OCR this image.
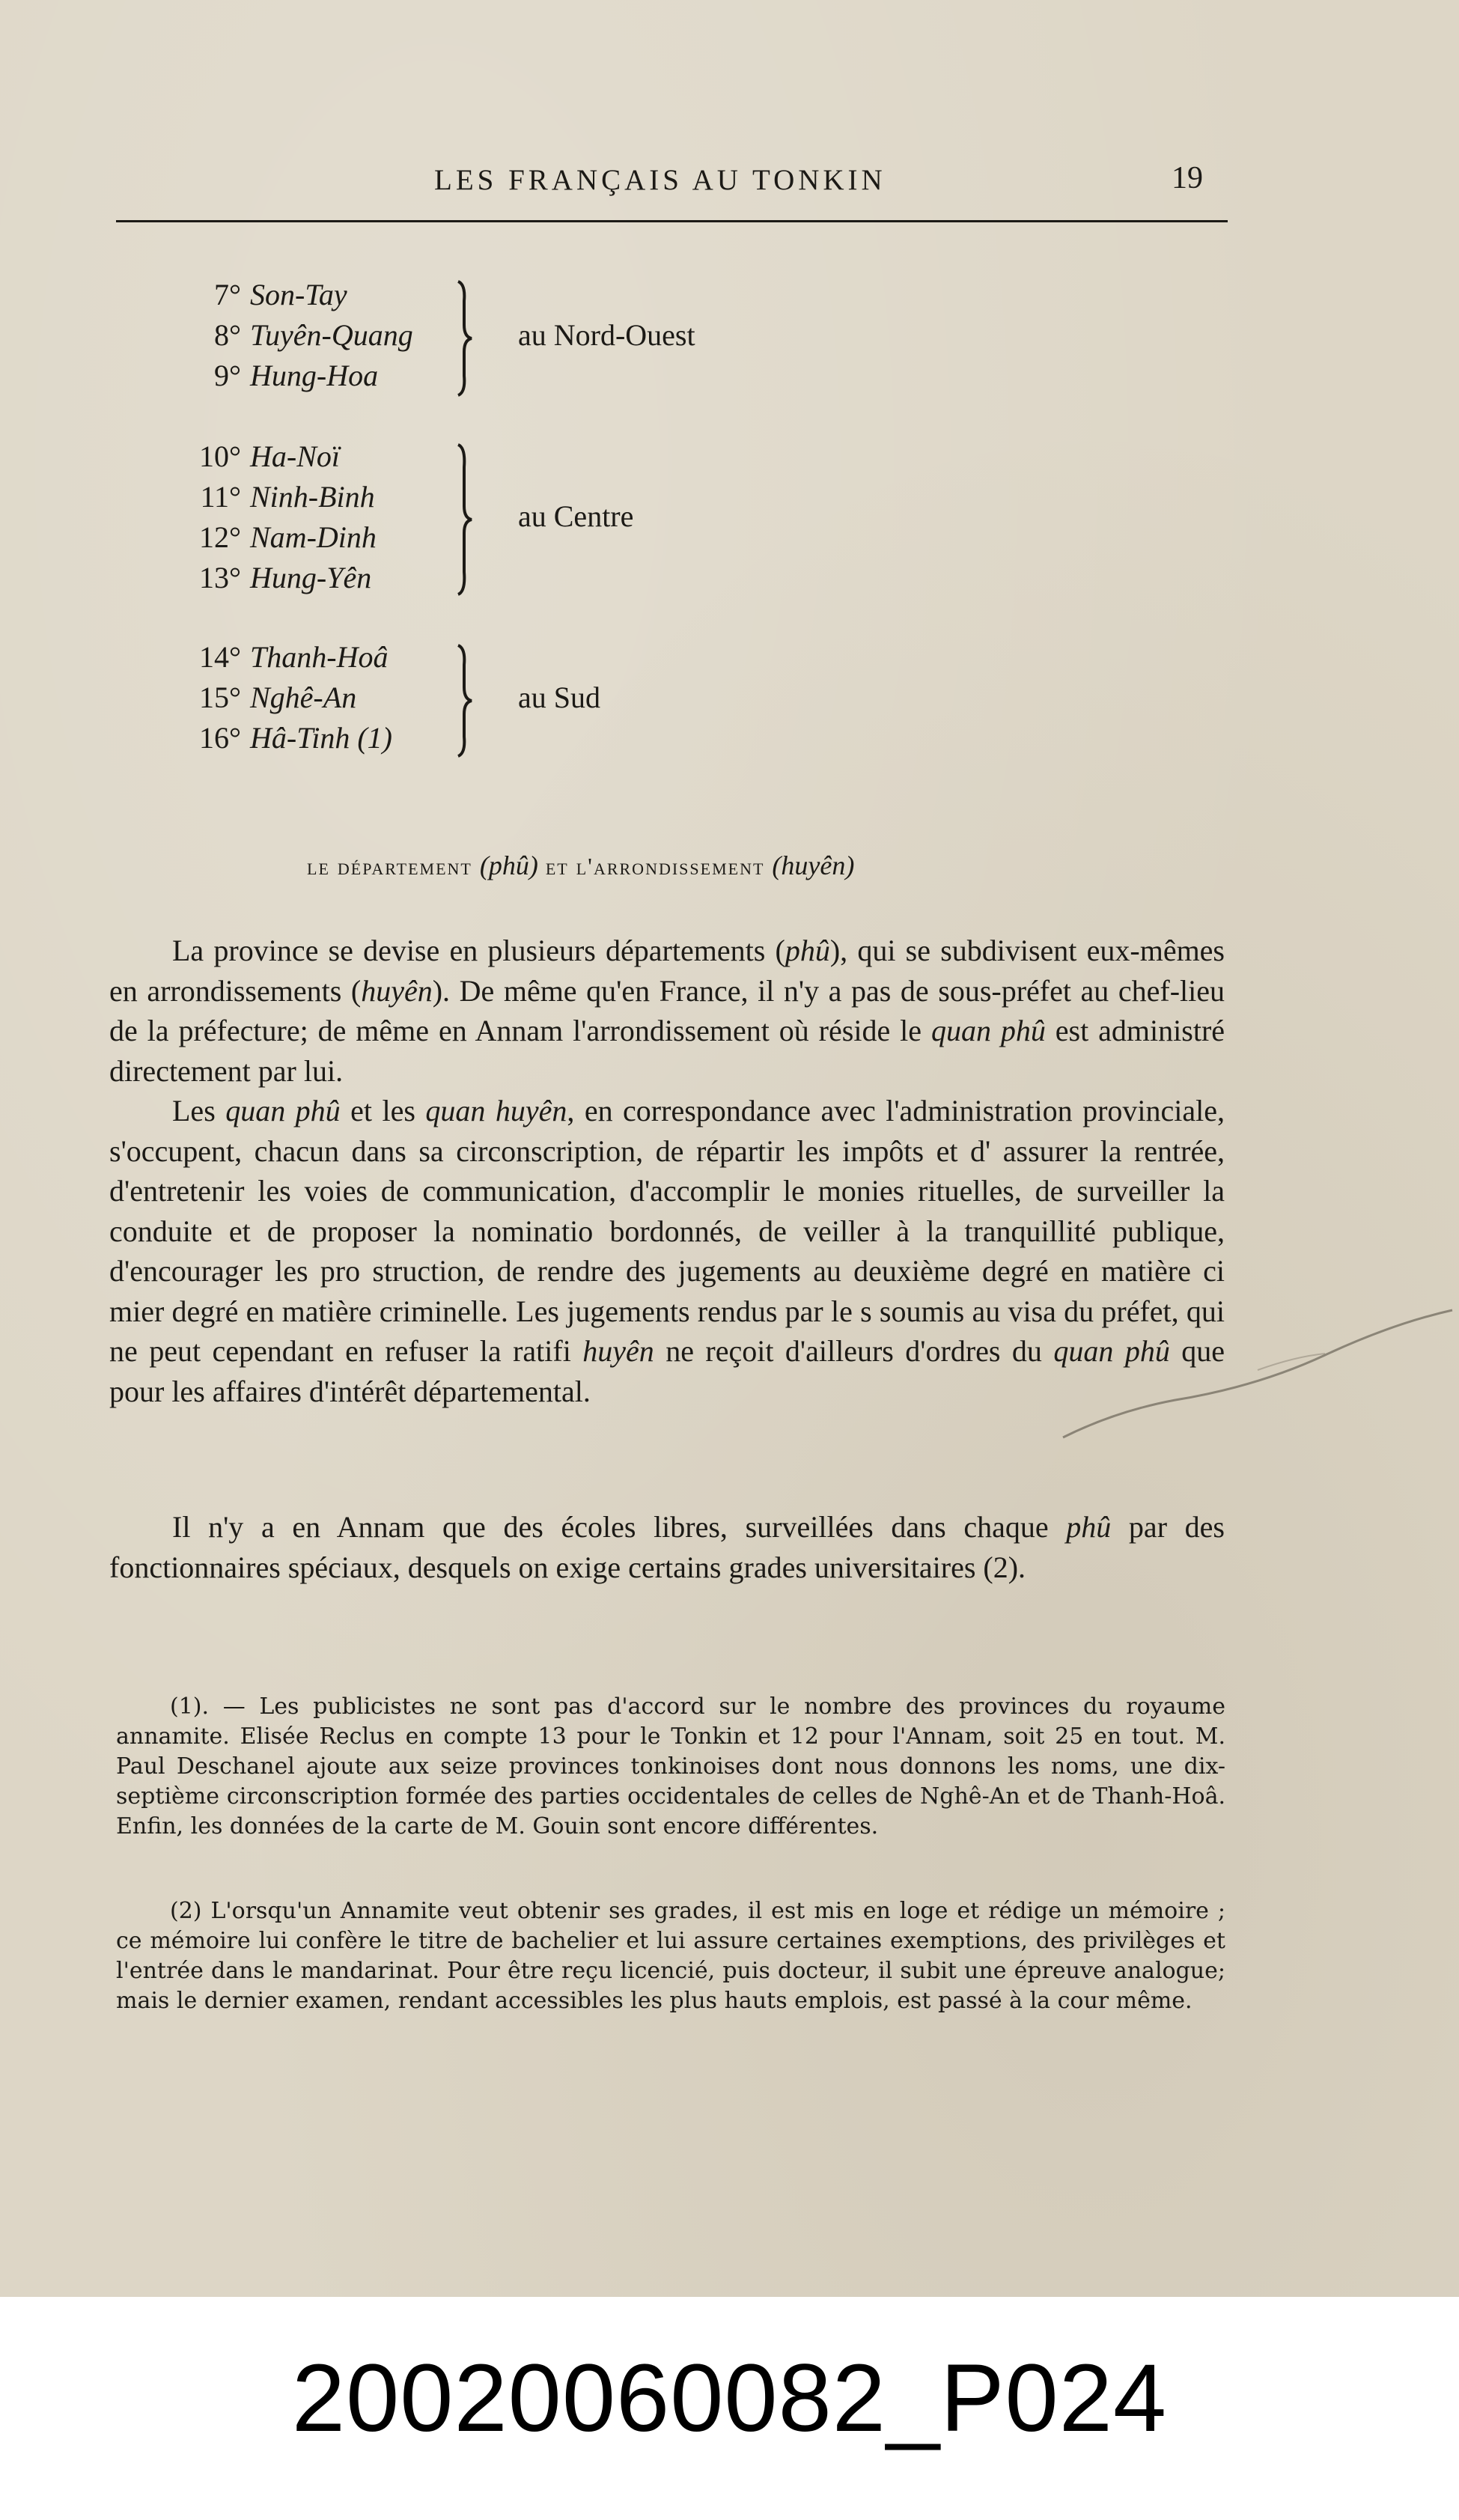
LES FRANÇAIS AU TONKIN	19
7° Son-Tay
8° Tuyên-Quang
9° Hung-Hoa
au Nord-Ouest
10° Ha-Noï
11° Ninh-Binh
12° Nam-Dinh
13° Hung-Yên
au Centre
14° Thanh-Hoâ
15° Nghê-An
16° Hâ-Tinh (1)
au Sud
le département (phû) et l'arrondissement (huyên)

La province se devise en plusieurs départements (phû), qui se subdivisent eux-mêmes en arrondissements (huyên). De même qu'en France, il n'y a pas de sous-préfet au chef-lieu de la préfecture; de même en Annam l'arrondissement où réside le quan phû est administré directement par lui.

Les quan phû et les quan huyên, en correspondance avec l'administration provinciale, s'occupent, chacun dans sa circonscription, de répartir les impôts et d' assurer la rentrée, d'entretenir les voies de communication, d'accomplir le monies rituelles, de surveiller la conduite et de proposer la nominatio bordonnés, de veiller à la tranquillité publique, d'encourager les pro struction, de rendre des jugements au deuxième degré en matière ci mier degré en matière criminelle. Les jugements rendus par le s soumis au visa du préfet, qui ne peut cependant en refuser la ratifi huyên ne reçoit d'ailleurs d'ordres du quan phû que pour les affaires d'intérêt départemental.

Il n'y a en Annam que des écoles libres, surveillées dans chaque phû par des fonctionnaires spéciaux, desquels on exige certains grades universitaires (2).

(1). — Les publicistes ne sont pas d'accord sur le nombre des provinces du royaume annamite. Elisée Reclus en compte 13 pour le Tonkin et 12 pour l'Annam, soit 25 en tout. M. Paul Deschanel ajoute aux seize provinces tonkinoises dont nous donnons les noms, une dix-septième circonscription formée des parties occidentales de celles de Nghê-An et de Thanh-Hoâ. Enfin, les données de la carte de M. Gouin sont encore différentes.

(2) L'orsqu'un Annamite veut obtenir ses grades, il est mis en loge et rédige un mémoire ; ce mémoire lui confère le titre de bachelier et lui assure certaines exemptions, des privilèges et l'entrée dans le mandarinat. Pour être reçu licencié, puis docteur, il subit une épreuve analogue; mais le dernier examen, rendant accessibles les plus hauts emplois, est passé à la cour même.

20020060082_P024
